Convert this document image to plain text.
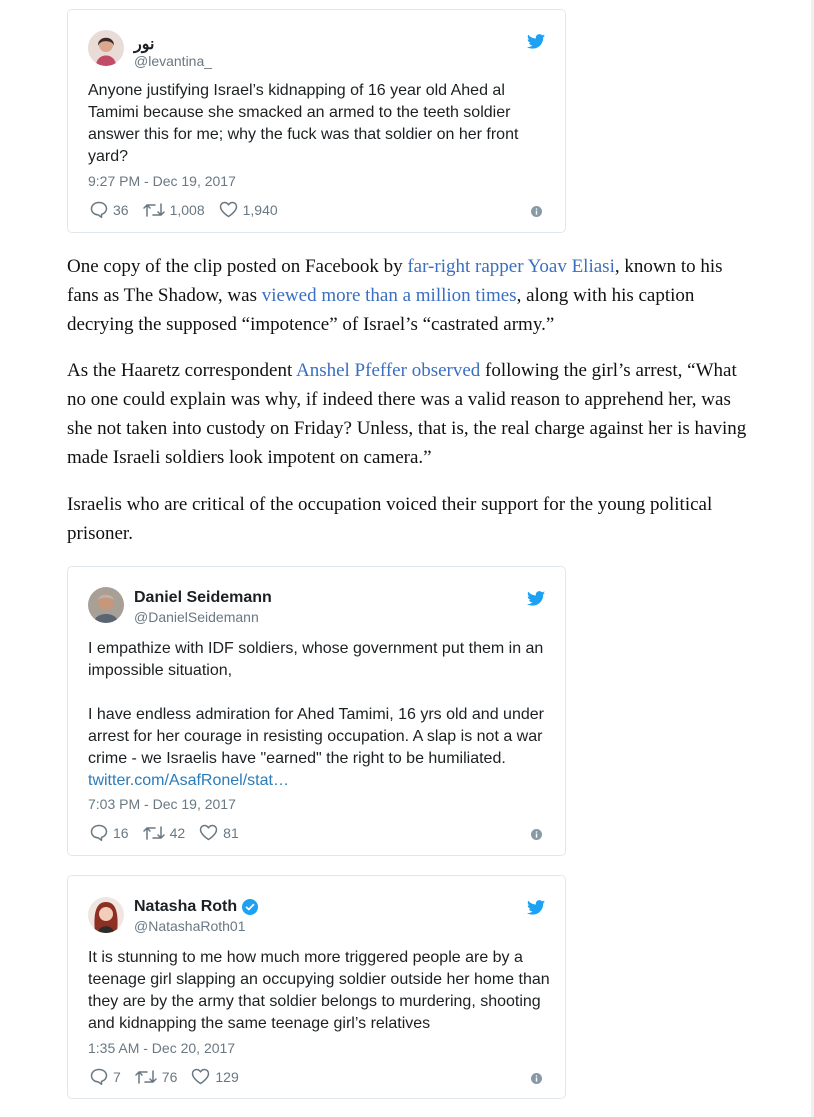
نور
@levantina_
Anyone justifying Israel’s kidnapping of 16 year old Ahed al Tamimi because she smacked an armed to the teeth soldier answer this for me; why the fuck was that soldier on her front yard?
9:27 PM - Dec 19, 2017
36	1,008	1,940

One copy of the clip posted on Facebook by far-right rapper Yoav Eliasi, known to his fans as The Shadow, was viewed more than a million times, along with his caption decrying the supposed “impotence” of Israel’s “castrated army.”

As the Haaretz correspondent Anshel Pfeffer observed following the girl’s arrest, “What no one could explain was why, if indeed there was a valid reason to apprehend her, was she not taken into custody on Friday? Unless, that is, the real charge against her is having made Israeli soldiers look impotent on camera.”

Israelis who are critical of the occupation voiced their support for the young political prisoner.

Daniel Seidemann
@DanielSeidemann
I empathize with IDF soldiers, whose government put them in an impossible situation,
I have endless admiration for Ahed Tamimi, 16 yrs old and under arrest for her courage in resisting occupation. A slap is not a war crime - we Israelis have "earned" the right to be humiliated.
twitter.com/AsafRonel/stat…
7:03 PM - Dec 19, 2017
16	42	81
Natasha Roth
@NatashaRoth01
It is stunning to me how much more triggered people are by a teenage girl slapping an occupying soldier outside her home than they are by the army that soldier belongs to murdering, shooting and kidnapping the same teenage girl’s relatives
1:35 AM - Dec 20, 2017
7	76	129
